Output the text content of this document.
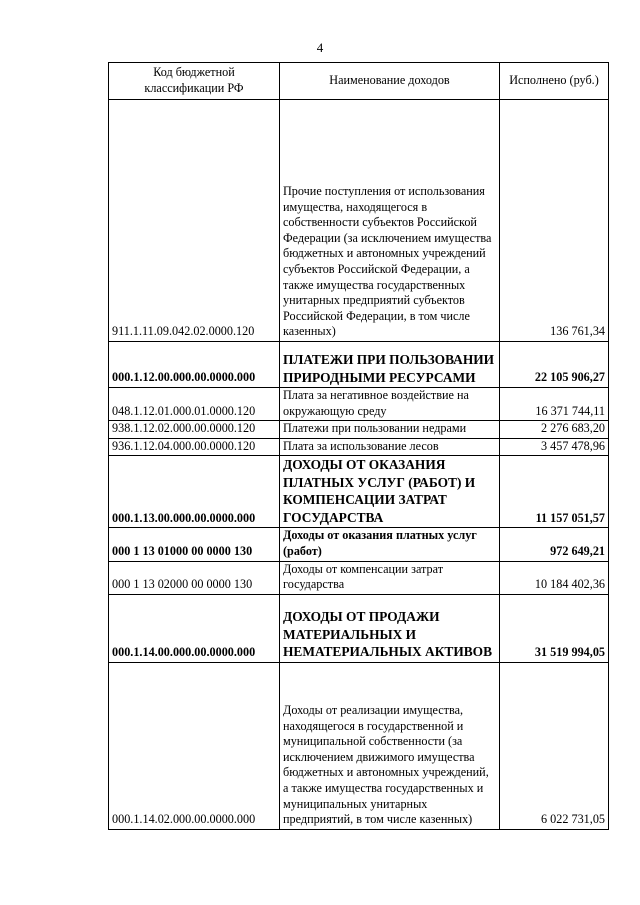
4
Код бюджетной классификации РФ	Наименование доходов	Исполнено (руб.)
911.1.11.09.042.02.0000.120	Прочие поступления от использования имущества, находящегося в собственности субъектов Российской Федерации (за исключением имущества бюджетных и автономных учреждений субъектов Российской Федерации, а также имущества государственных унитарных предприятий субъектов Российской Федерации, в том числе казенных)	136 761,34
000.1.12.00.000.00.0000.000	ПЛАТЕЖИ ПРИ ПОЛЬЗОВАНИИ ПРИРОДНЫМИ РЕСУРСАМИ	22 105 906,27
048.1.12.01.000.01.0000.120	Плата за негативное воздействие на окружающую среду	16 371 744,11
938.1.12.02.000.00.0000.120	Платежи при пользовании недрами	2 276 683,20
936.1.12.04.000.00.0000.120	Плата за использование лесов	3 457 478,96
000.1.13.00.000.00.0000.000	ДОХОДЫ ОТ ОКАЗАНИЯ ПЛАТНЫХ УСЛУГ (РАБОТ) И КОМПЕНСАЦИИ ЗАТРАТ ГОСУДАРСТВА	11 157 051,57
000 1 13 01000 00 0000 130	Доходы от оказания платных услуг (работ)	972 649,21
000 1 13 02000 00 0000 130	Доходы от компенсации затрат государства	10 184 402,36
000.1.14.00.000.00.0000.000	ДОХОДЫ ОТ ПРОДАЖИ МАТЕРИАЛЬНЫХ И НЕМАТЕРИАЛЬНЫХ АКТИВОВ	31 519 994,05
000.1.14.02.000.00.0000.000	Доходы от реализации имущества, находящегося в государственной и муниципальной собственности (за исключением движимого имущества бюджетных и автономных учреждений, а также имущества государственных и муниципальных унитарных предприятий, в том числе казенных)	6 022 731,05
